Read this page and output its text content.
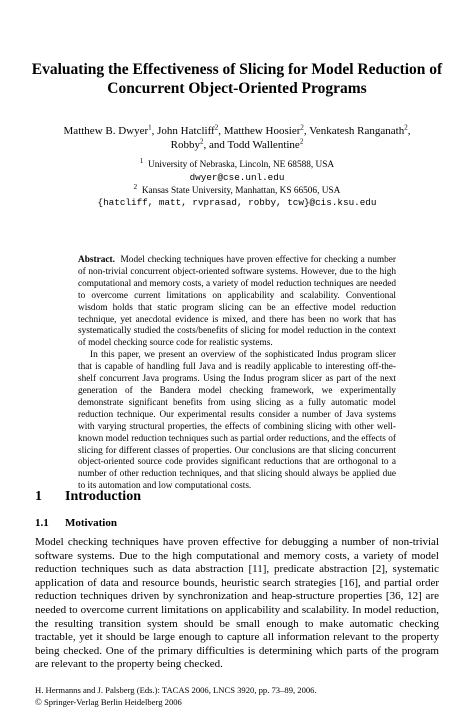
Evaluating the Effectiveness of Slicing for Model Reduction of Concurrent Object-Oriented Programs
Matthew B. Dwyer$^1$, John Hatcliff$^2$, Matthew Hoosier$^2$, Venkatesh Ranganath$^2$,
Robby$^2$, and Todd Wallentine$^2$
$^1$ University of Nebraska, Lincoln, NE 68588, USA
dwyer@cse.unl.edu
$^2$ Kansas State University, Manhattan, KS 66506, USA
{hatcliff, matt, rvprasad, robby, tcw}@cis.ksu.edu

Abstract. Model checking techniques have proven effective for checking a number of non-trivial concurrent object-oriented software systems. However, due to the high computational and memory costs, a variety of model reduction techniques are needed to overcome current limitations on applicability and scalability. Conventional wisdom holds that static program slicing can be an effective model reduction technique, yet anecdotal evidence is mixed, and there has been no work that has systematically studied the costs/benefits of slicing for model reduction in the context of model checking source code for realistic systems.

In this paper, we present an overview of the sophisticated Indus program slicer that is capable of handling full Java and is readily applicable to interesting off-the-shelf concurrent Java programs. Using the Indus program slicer as part of the next generation of the Bandera model checking framework, we experimentally demonstrate significant benefits from using slicing as a fully automatic model reduction technique. Our experimental results consider a number of Java systems with varying structural properties, the effects of combining slicing with other well-known model reduction techniques such as partial order reductions, and the effects of slicing for different classes of properties. Our conclusions are that slicing concurrent object-oriented source code provides significant reductions that are orthogonal to a number of other reduction techniques, and that slicing should always be applied due to its automation and low computational costs.

1 Introduction
1.1 Motivation

Model checking techniques have proven effective for debugging a number of non-trivial software systems. Due to the high computational and memory costs, a variety of model reduction techniques such as data abstraction [11], predicate abstraction [2], systematic application of data and resource bounds, heuristic search strategies [16], and partial order reduction techniques driven by synchronization and heap-structure properties [36, 12] are needed to overcome current limitations on applicability and scalability. In model reduction, the resulting transition system should be small enough to make automatic checking tractable, yet it should be large enough to capture all information relevant to the property being checked. One of the primary difficulties is determining which parts of the program are relevant to the property being checked.

H. Hermanns and J. Palsberg (Eds.): TACAS 2006, LNCS 3920, pp. 73–89, 2006.
© Springer-Verlag Berlin Heidelberg 2006
